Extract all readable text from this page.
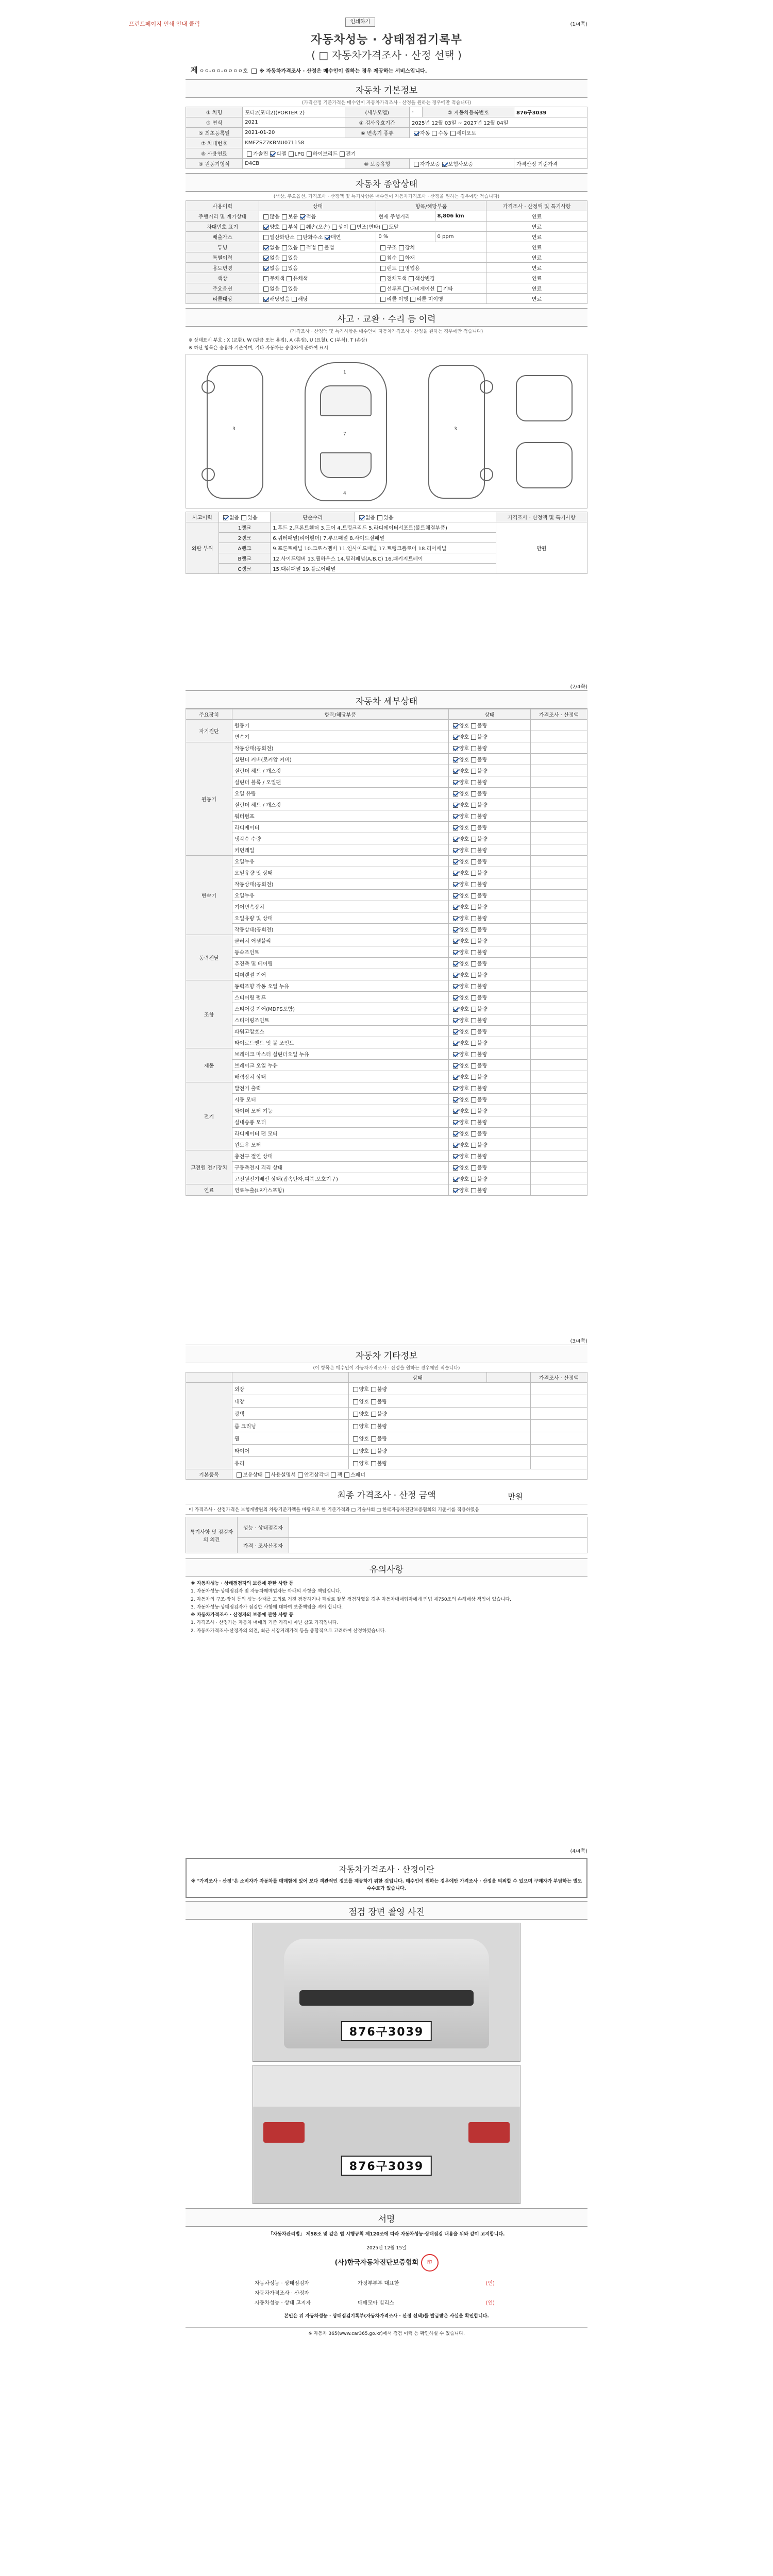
프린트페이지 인쇄 안내 클릭	인쇄하기	(1/4쪽)
자동차성능 · 상태점검기록부
( □ 자동차가격조사 · 산정 선택 )
제 ㅇㅇ-ㅇㅇ-ㅇㅇㅇㅇ호 ※ 자동차가격조사 · 산정은 매수인이 원하는 경우 제공하는 서비스입니다.
자동차 기본정보
(가격산정 기준가격은 매수인이 자동차가격조사 · 산정을 원하는 경우에만 적습니다)
① 차명	포터2(포터2)(PORTER 2)	(세부모델)	-	② 자동차등록번호	876구3039
③ 연식	2021	④ 검사유효기간	2025년 12월 03일 ~ 2027년 12월 04일		
⑤ 최초등록일	2021-01-20	⑥ 변속기 종류	자동 수동 세미오토		
⑦ 차대번호	KMFZSZ7KBMU071158				
⑧ 사용연료	가솔린 디젤 LPG 하이브리드 전기				
⑨ 원동기형식	D4CB	⑩ 보증유형	자가보증 보험사보증		가격산정 기준가격
자동차 종합상태
(색상, 주요옵션, 가격조사 · 산정액 및 특기사항은 매수인이 자동차가격조사 · 산정을 원하는 경우에만 적습니다)
사용이력	상태	항목/해당부품		가격조사 · 산정액 및 특기사항
주행거리 및 계기상태	많음 보통 적음	현재 주행거리	8,806 km	연료
차대번호 표기	양호 부식 훼손(오손) 상이 변조(변타) 도말			연료
배출가스	일산화탄소 탄화수소 매연	0 %	0 ppm	연료
튜닝	없음 있음 적법 불법	구조 장치		연료
특별이력	없음 있음	침수 화재		연료
용도변경	없음 있음	렌트 영업용		연료
색상	무채색 유채색	전체도색 색상변경		연료
주요옵션	없음 있음	선루프 내비게이션 기타		연료
리콜대상	해당없음 해당	리콜 이행 리콜 미이행		연료
사고 · 교환 · 수리 등 이력
(가격조사 · 산정액 및 특기사항은 매수인이 자동차가격조사 · 산정을 원하는 경우에만 적습니다)
※ 상태표시 부호 : X (교환), W (판금 또는 용접), A (흠집), U (요철), C (부식), T (손상)
※ 하단 항목은 승용차 기준이며, 기타 자동차는 승용차에 준하여 표시
3
1
7
4
3
사고이력	없음 있음	단순수리	없음 있음	가격조사 · 산정액 및 특기사항
외판 부위	1랭크	1.후드 2.프론트휀더 3.도어 4.트렁크리드 5.라디에이터서포트(볼트체결부품)		만원
	2랭크	6.쿼터패널(리어휀더) 7.루프패널 8.사이드실패널		
	A랭크	9.프론트패널 10.크로스멤버 11.인사이드패널 17.트렁크플로어 18.리어패널		
	B랭크	12.사이드멤버 13.휠하우스 14.필러패널(A,B,C) 16.패키지트레이		
	C랭크	15.대쉬패널 19.플로어패널		
(2/4쪽)
자동차 세부상태
주요장치	항목/해당부품	상태	가격조사 · 산정액
자기진단	원동기	양호 불량	
	변속기	양호 불량	
원동기	작동상태(공회전)	양호 불량	
	실린더 커버(로커암 커버)	양호 불량	
	실린더 헤드 / 개스킷	양호 불량	
	실린더 블록 / 오일팬	양호 불량	
	오일 유량	양호 불량	
	실린더 헤드 / 개스킷	양호 불량	
	워터펌프	양호 불량	
	라디에이터	양호 불량	
	냉각수 수량	양호 불량	
	커먼레일	양호 불량	
변속기	오일누유	양호 불량	
	오일유량 및 상태	양호 불량	
	작동상태(공회전)	양호 불량	
	오일누유	양호 불량	
	기어변속장치	양호 불량	
	오일유량 및 상태	양호 불량	
	작동상태(공회전)	양호 불량	
동력전달	클러치 어셈블리	양호 불량	
	등속조인트	양호 불량	
	추진축 및 베어링	양호 불량	
	디퍼렌셜 기어	양호 불량	
조향	동력조향 작동 오일 누유	양호 불량	
	스티어링 펌프	양호 불량	
	스티어링 기어(MDPS포함)	양호 불량	
	스티어링조인트	양호 불량	
	파워고압호스	양호 불량	
	타이로드엔드 및 볼 조인트	양호 불량	
제동	브레이크 마스터 실린더오일 누유	양호 불량	
	브레이크 오일 누유	양호 불량	
	배력장치 상태	양호 불량	
전기	발전기 출력	양호 불량	
	시동 모터	양호 불량	
	와이퍼 모터 기능	양호 불량	
	실내송풍 모터	양호 불량	
	라디에이터 팬 모터	양호 불량	
	윈도우 모터	양호 불량	
고전원 전기장치	충전구 절연 상태	양호 불량	
	구동축전지 격리 상태	양호 불량	
	고전원전기배선 상태(접속단자,피복,보호기구)	양호 불량	
연료	연료누출(LP가스포함)	양호 불량	
(3/4쪽)
자동차 기타정보
(이 항목은 매수인이 자동차가격조사 · 산정을 원하는 경우에만 적습니다)
		상태		가격조사 · 산정액
	외장	양호 불량		
	내장	양호 불량		
	광택	양호 불량		
	룸 크리닝	양호 불량		
	휠	양호 불량		
	타이어	양호 불량		
	유리	양호 불량		
기본품목	보유상태 사용설명서 안전삼각대 잭 스패너			
최종 가격조사 · 산정 금액	만원
이 가격조사 · 산정가격은 보험개발원의 차량기준가액을 바탕으로 한 기준가격과 □ 기술사회 □ 한국자동차진단보증협회의 기준서를 적용하였음
특기사항 및 점검자의 의견	성능 · 상태점검자	
	가격 · 조사산정자	
유의사항
※ 자동차성능 · 상태점검자의 보증에 관한 사항 등
1. 자동차성능·상태점검자 및 자동차매매업자는 아래의 사항을 책임집니다.
2. 자동차의 구조·장치 등의 성능·상태를 고의로 거짓 점검하거나 과실로 잘못 점검하였을 경우 자동차매매업자에게 민법 제750조의 손해배상 책임이 있습니다.
3. 자동차성능·상태점검자가 점검한 사항에 대하여 보증책임을 져야 합니다.
※ 자동차가격조사 · 산정자의 보증에 관한 사항 등
1. 가격조사 · 산정가는 자동차 매매의 기준 가격이 아닌 참고 가격입니다.
2. 자동차가격조사·산정자의 의견, 최근 시장거래가격 등을 종합적으로 고려하여 산정하였습니다.
(4/4쪽)
자동차가격조사 · 산정이란
※ "가격조사 · 산정"은 소비자가 자동차를 매매함에 있어 보다 객관적인 정보를 제공하기 위한 것입니다. 매수인이 원하는 경우에만 가격조사 · 산정을 의뢰할 수 있으며 구매자가 부담하는 별도 수수료가 있습니다.
점검 장면 촬영 사진
876구3039
876구3039
서명
「자동차관리법」 제58조 및 같은 법 시행규칙 제120조에 따라 자동차성능·상태점검 내용을 위와 같이 고지합니다.
2025년 12월 15일
(사)한국자동차진단보증협회 印
자동차성능 · 상태점검자	가정부부부 대표한	(인)
자동차가격조사 · 산정자		
자동차성능 · 상태 고지자	매매모아 빌리스	(인)
본인은 위 자동차성능 · 상태점검기록부(자동차가격조사 · 산정 선택)를 발급받은 사실을 확인합니다.
※ 자동차 365(www.car365.go.kr)에서 점검 이력 등 확인하실 수 있습니다.
